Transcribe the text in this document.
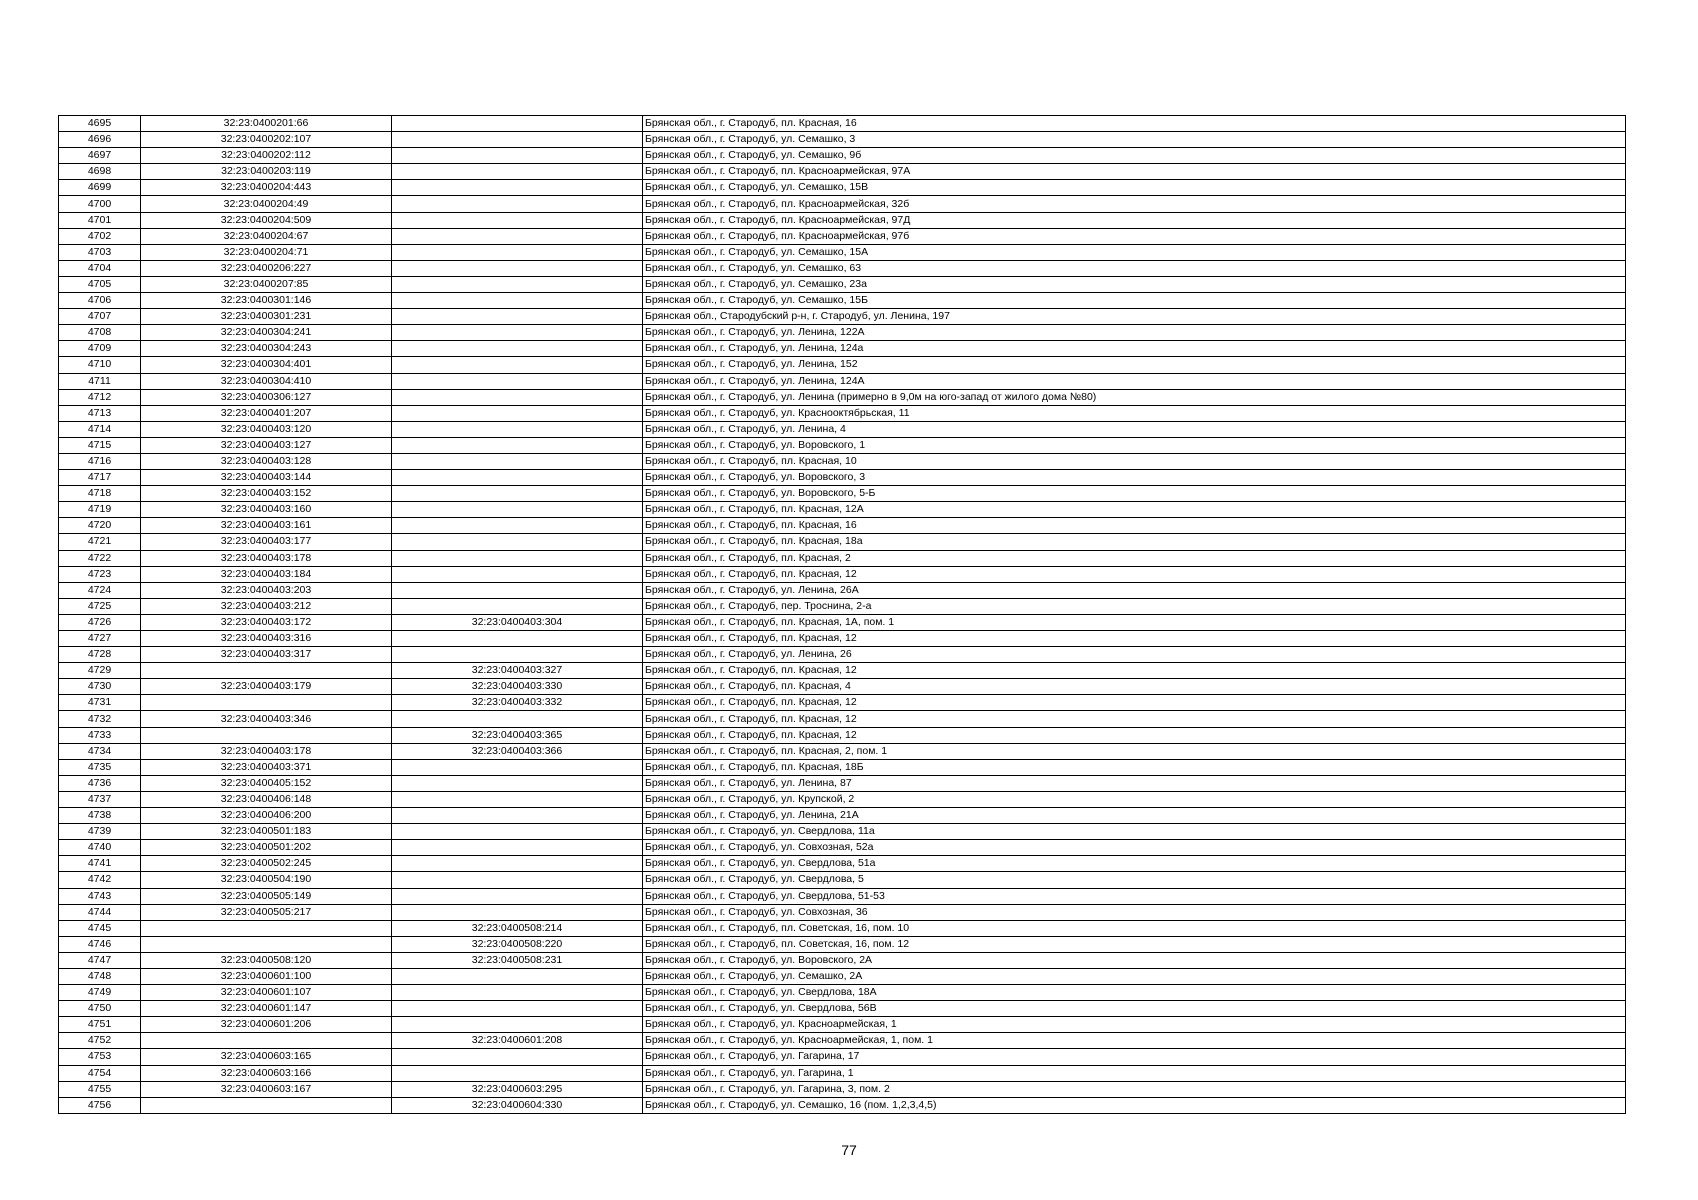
4695	32:23:0400201:66		Брянская обл., г. Стародуб, пл. Красная, 16
4696	32:23:0400202:107		Брянская обл., г. Стародуб, ул. Семашко, 3
4697	32:23:0400202:112		Брянская обл., г. Стародуб, ул. Семашко, 9б
4698	32:23:0400203:119		Брянская обл., г. Стародуб, пл. Красноармейская, 97А
4699	32:23:0400204:443		Брянская обл., г. Стародуб, ул. Семашко, 15В
4700	32:23:0400204:49		Брянская обл., г. Стародуб, пл. Красноармейская, 32б
4701	32:23:0400204:509		Брянская обл., г. Стародуб, пл. Красноармейская, 97Д
4702	32:23:0400204:67		Брянская обл., г. Стародуб, пл. Красноармейская, 97б
4703	32:23:0400204:71		Брянская обл., г. Стародуб, ул. Семашко, 15А
4704	32:23:0400206:227		Брянская обл., г. Стародуб, ул. Семашко, 63
4705	32:23:0400207:85		Брянская обл., г. Стародуб, ул. Семашко, 23а
4706	32:23:0400301:146		Брянская обл., г. Стародуб, ул. Семашко, 15Б
4707	32:23:0400301:231		Брянская обл., Стародубский р-н, г. Стародуб, ул. Ленина, 197
4708	32:23:0400304:241		Брянская обл., г. Стародуб, ул. Ленина, 122А
4709	32:23:0400304:243		Брянская обл., г. Стародуб, ул. Ленина, 124а
4710	32:23:0400304:401		Брянская обл., г. Стародуб, ул. Ленина, 152
4711	32:23:0400304:410		Брянская обл., г. Стародуб, ул. Ленина, 124А
4712	32:23:0400306:127		Брянская обл., г. Стародуб, ул. Ленина (примерно в 9,0м на юго-запад от жилого дома №80)
4713	32:23:0400401:207		Брянская обл., г. Стародуб, ул. Краснооктябрьская, 11
4714	32:23:0400403:120		Брянская обл., г. Стародуб, ул. Ленина, 4
4715	32:23:0400403:127		Брянская обл., г. Стародуб, ул. Воровского, 1
4716	32:23:0400403:128		Брянская обл., г. Стародуб, пл. Красная, 10
4717	32:23:0400403:144		Брянская обл., г. Стародуб, ул. Воровского, 3
4718	32:23:0400403:152		Брянская обл., г. Стародуб, ул. Воровского, 5-Б
4719	32:23:0400403:160		Брянская обл., г. Стародуб, пл. Красная, 12А
4720	32:23:0400403:161		Брянская обл., г. Стародуб, пл. Красная, 16
4721	32:23:0400403:177		Брянская обл., г. Стародуб, пл. Красная, 18а
4722	32:23:0400403:178		Брянская обл., г. Стародуб, пл. Красная, 2
4723	32:23:0400403:184		Брянская обл., г. Стародуб, пл. Красная, 12
4724	32:23:0400403:203		Брянская обл., г. Стародуб, ул. Ленина, 26А
4725	32:23:0400403:212		Брянская обл., г. Стародуб, пер. Троснина, 2-а
4726	32:23:0400403:172	32:23:0400403:304	Брянская обл., г. Стародуб, пл. Красная, 1А, пом. 1
4727	32:23:0400403:316		Брянская обл., г. Стародуб, пл. Красная, 12
4728	32:23:0400403:317		Брянская обл., г. Стародуб, ул. Ленина, 26
4729		32:23:0400403:327	Брянская обл., г. Стародуб, пл. Красная, 12
4730	32:23:0400403:179	32:23:0400403:330	Брянская обл., г. Стародуб, пл. Красная, 4
4731		32:23:0400403:332	Брянская обл., г. Стародуб, пл. Красная, 12
4732	32:23:0400403:346		Брянская обл., г. Стародуб, пл. Красная, 12
4733		32:23:0400403:365	Брянская обл., г. Стародуб, пл. Красная, 12
4734	32:23:0400403:178	32:23:0400403:366	Брянская обл., г. Стародуб, пл. Красная, 2, пом. 1
4735	32:23:0400403:371		Брянская обл., г. Стародуб, пл. Красная, 18Б
4736	32:23:0400405:152		Брянская обл., г. Стародуб, ул. Ленина, 87
4737	32:23:0400406:148		Брянская обл., г. Стародуб, ул. Крупской, 2
4738	32:23:0400406:200		Брянская обл., г. Стародуб, ул. Ленина, 21А
4739	32:23:0400501:183		Брянская обл., г. Стародуб, ул. Свердлова, 11а
4740	32:23:0400501:202		Брянская обл., г. Стародуб, ул. Совхозная, 52а
4741	32:23:0400502:245		Брянская обл., г. Стародуб, ул. Свердлова, 51а
4742	32:23:0400504:190		Брянская обл., г. Стародуб, ул. Свердлова, 5
4743	32:23:0400505:149		Брянская обл., г. Стародуб, ул. Свердлова, 51-53
4744	32:23:0400505:217		Брянская обл., г. Стародуб, ул. Совхозная, 36
4745		32:23:0400508:214	Брянская обл., г. Стародуб, пл. Советская, 16, пом. 10
4746		32:23:0400508:220	Брянская обл., г. Стародуб, пл. Советская, 16, пом. 12
4747	32:23:0400508:120	32:23:0400508:231	Брянская обл., г. Стародуб, ул. Воровского, 2А
4748	32:23:0400601:100		Брянская обл., г. Стародуб, ул. Семашко, 2А
4749	32:23:0400601:107		Брянская обл., г. Стародуб, ул. Свердлова, 18А
4750	32:23:0400601:147		Брянская обл., г. Стародуб, ул. Свердлова, 56В
4751	32:23:0400601:206		Брянская обл., г. Стародуб, ул. Красноармейская, 1
4752		32:23:0400601:208	Брянская обл., г. Стародуб, ул. Красноармейская, 1, пом. 1
4753	32:23:0400603:165		Брянская обл., г. Стародуб, ул. Гагарина, 17
4754	32:23:0400603:166		Брянская обл., г. Стародуб, ул. Гагарина, 1
4755	32:23:0400603:167	32:23:0400603:295	Брянская обл., г. Стародуб, ул. Гагарина, 3, пом. 2
4756		32:23:0400604:330	Брянская обл., г. Стародуб, ул. Семашко, 16 (пом. 1,2,3,4,5)
77
